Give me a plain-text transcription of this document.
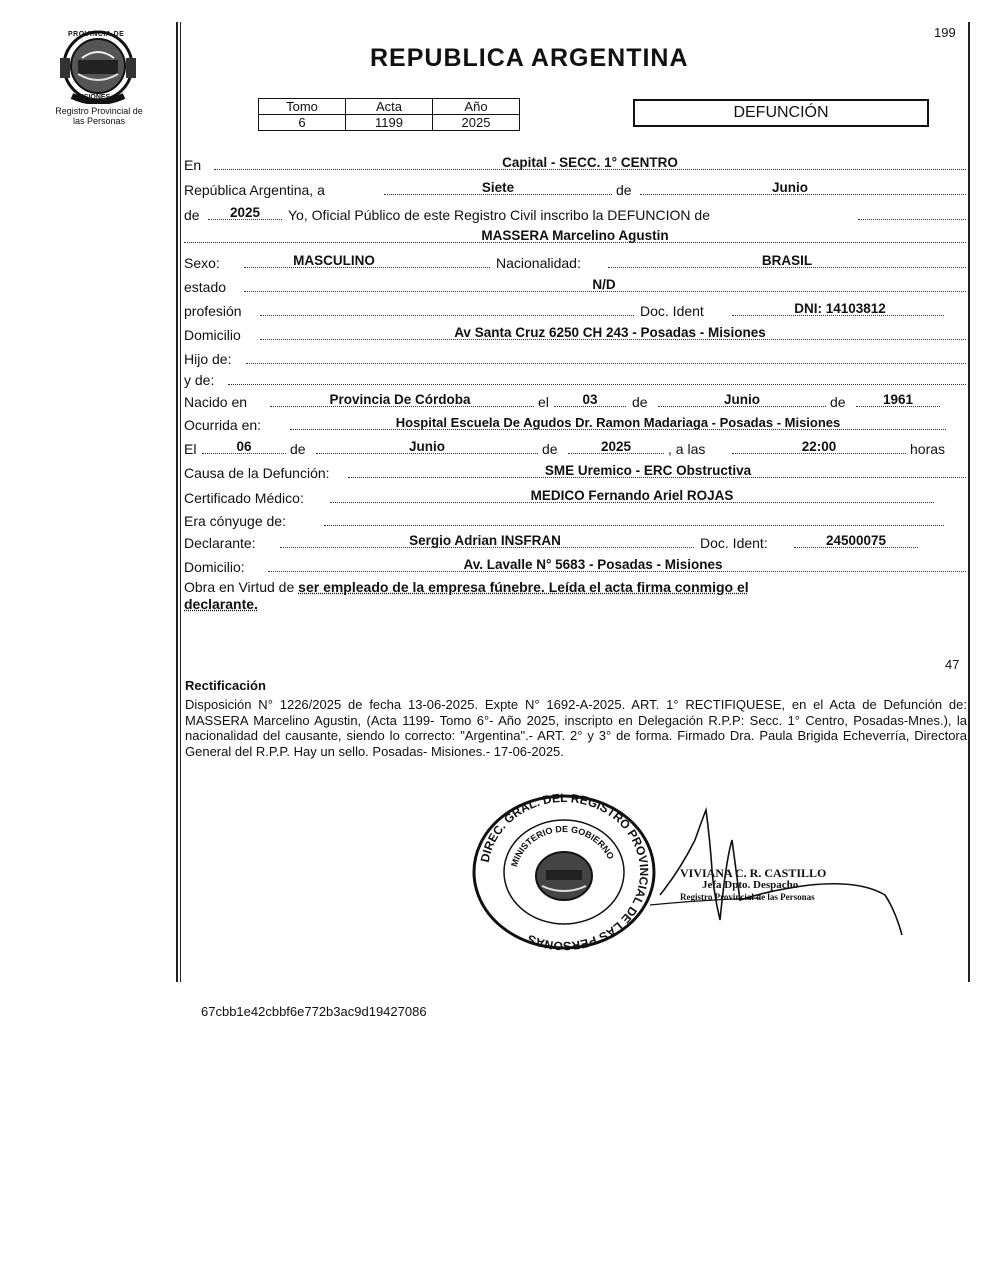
PROVINCIA DE
MISIONES
Registro Provincial de
las Personas
199
REPUBLICA ARGENTINA
Tomo	Acta	Año
6	1199	2025
DEFUNCIÓN
En	Capital - SECC. 1° CENTRO
República Argentina, a	Siete	de	Junio
de	2025	Yo, Oficial Público de este Registro Civil inscribo la DEFUNCION de
MASSERA Marcelino Agustin
Sexo:	MASCULINO	Nacionalidad:	BRASIL
estado	N/D
profesión	Doc. Ident	DNI: 14103812
Domicilio	Av Santa Cruz 6250 CH 243 - Posadas - Misiones
Hijo de:
y de:
Nacido en	Provincia De Córdoba	el	03	de	Junio	de	1961
Ocurrida en:	Hospital Escuela De Agudos Dr. Ramon Madariaga - Posadas - Misiones
El	06	de	Junio	de	2025	, a las	22:00	horas
Causa de la Defunción:	SME Uremico - ERC Obstructiva
Certificado Médico:	MEDICO Fernando Ariel ROJAS
Era cónyuge de:
Declarante:	Sergio Adrian INSFRAN	Doc. Ident:	24500075
Domicilio:	Av. Lavalle N° 5683 - Posadas - Misiones
Obra en Virtud de ser empleado de la empresa fúnebre. Leída el acta firma conmigo el
declarante.
47
Rectificación
Disposición N° 1226/2025 de fecha 13-06-2025. Expte N° 1692-A-2025. ART. 1° RECTIFIQUESE, en el Acta de Defunción de: MASSERA Marcelino Agustin, (Acta 1199- Tomo 6°- Año 2025, inscripto en Delegación R.P.P: Secc. 1° Centro, Posadas-Mnes.), la nacionalidad del causante, siendo lo correcto: "Argentina".- ART. 2° y 3° de forma. Firmado Dra. Paula Brigida Echeverría, Directora General del R.P.P. Hay un sello. Posadas- Misiones.- 17-06-2025.
DIREC. GRAL. DEL REGISTRO PROVINCIAL DE LAS PERSONAS
MINISTERIO DE GOBIERNO
VIVIANA C. R. CASTILLO
Jefa Dpto. Despacho
Registro Provincial de las Personas
67cbb1e42cbbf6e772b3ac9d19427086
